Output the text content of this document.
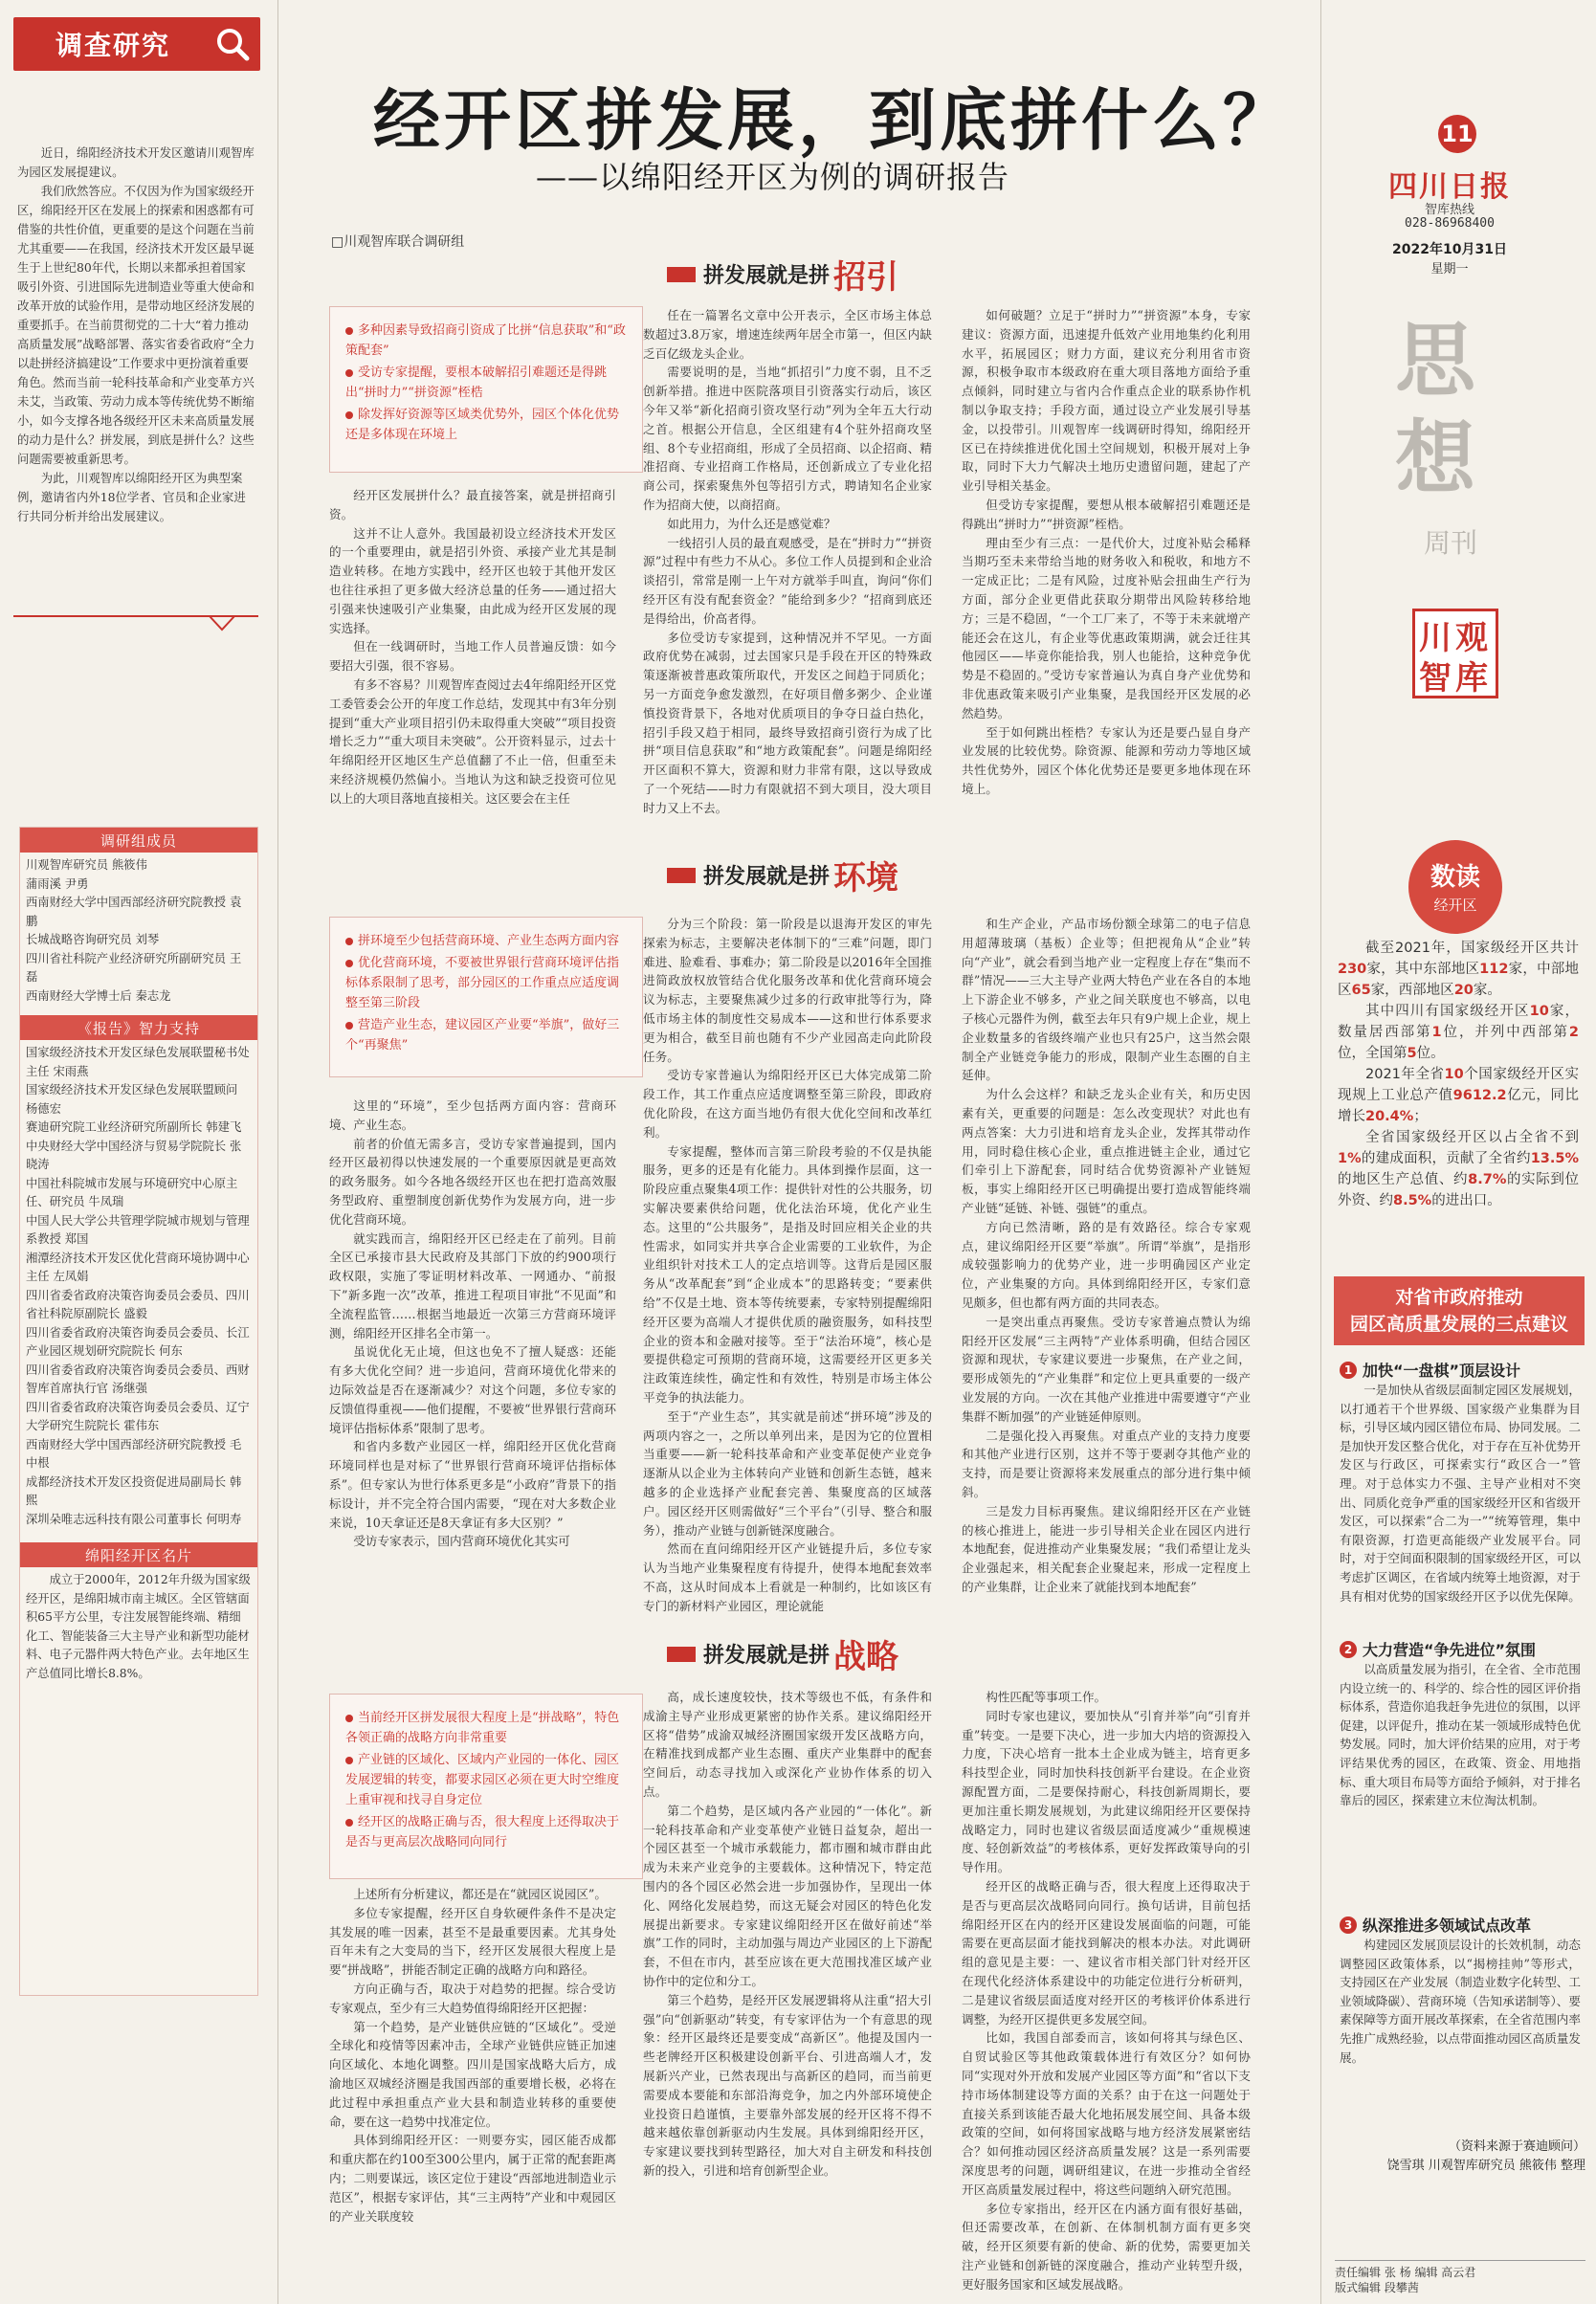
调查研究

近日，绵阳经济技术开发区邀请川观智库为园区发展提建议。

我们欣然答应。不仅因为作为国家级经开区，绵阳经开区在发展上的探索和困惑都有可借鉴的共性价值，更重要的是这个问题在当前尤其重要——在我国，经济技术开发区最早诞生于上世纪80年代，长期以来都承担着国家吸引外资、引进国际先进制造业等重大使命和改革开放的试验作用，是带动地区经济发展的重要抓手。在当前贯彻党的二十大“着力推动高质量发展”战略部署、落实省委省政府“全力以赴拼经济搞建设”工作要求中更扮演着重要角色。然而当前一轮科技革命和产业变革方兴未艾，当政策、劳动力成本等传统优势不断缩小，如今支撑各地各级经开区未来高质量发展的动力是什么？拼发展，到底是拼什么？这些问题需要被重新思考。

为此，川观智库以绵阳经开区为典型案例，邀请省内外18位学者、官员和企业家进行共同分析并给出发展建议。

调研组成员
川观智库研究员 熊筱伟
蒲雨溪 尹勇
西南财经大学中国西部经济研究院教授 袁鹏
长城战略咨询研究员 刘琴
四川省社科院产业经济研究所副研究员 王磊
西南财经大学博士后 秦志龙
《报告》智力支持
国家级经济技术开发区绿色发展联盟秘书处主任 宋雨燕
国家级经济技术开发区绿色发展联盟顾问 杨德宏
赛迪研究院工业经济研究所副所长 韩建飞
中央财经大学中国经济与贸易学院院长 张晓涛
中国社科院城市发展与环境研究中心原主任、研究员 牛凤瑞
中国人民大学公共管理学院城市规划与管理系教授 郑国
湘潭经济技术开发区优化营商环境协调中心主任 左凤娟
四川省委省政府决策咨询委员会委员、四川省社科院原副院长 盛毅
四川省委省政府决策咨询委员会委员、长江产业园区规划研究院院长 何东
四川省委省政府决策咨询委员会委员、西财智库首席执行官 汤继强
四川省委省政府决策咨询委员会委员、辽宁大学研究生院院长 霍伟东
西南财经大学中国西部经济研究院教授 毛中根
成都经济技术开发区投资促进局副局长 韩熙
深圳朵唯志远科技有限公司董事长 何明寿
绵阳经开区名片
成立于2000年，2012年升级为国家级经开区，是绵阳城市南主城区。全区管辖面积65平方公里，专注发展智能终端、精细化工、智能装备三大主导产业和新型功能材料、电子元器件两大特色产业。去年地区生产总值同比增长8.8%。
经开区拼发展，到底拼什么？
——以绵阳经开区为例的调研报告
□川观智库联合调研组
拼发展就是拼 招引
多种因素导致招商引资成了比拼“信息获取”和“政策配套”
受访专家提醒，要根本破解招引难题还是得跳出“拼时力”“拼资源”桎梏
除发挥好资源等区域类优势外，园区个体化优势还是多体现在环境上

经开区发展拼什么？最直接答案，就是拼招商引资。

这并不让人意外。我国最初设立经济技术开发区的一个重要理由，就是招引外资、承接产业尤其是制造业转移。在地方实践中，经开区也较于其他开发区也往往承担了更多做大经济总量的任务——通过招大引强来快速吸引产业集聚，由此成为经开区发展的现实选择。

但在一线调研时，当地工作人员普遍反馈：如今要招大引强，很不容易。

有多不容易？川观智库查阅过去4年绵阳经开区党工委管委会公开的年度工作总结，发现其中有3年分别提到“重大产业项目招引仍未取得重大突破”“项目投资增长乏力”“重大项目未突破”。公开资料显示，过去十年绵阳经开区地区生产总值翻了不止一倍，但重至未来经济规模仍然偏小。当地认为这和缺乏投资可位见以上的大项目落地直接相关。这区要会在主任

任在一篇署名文章中公开表示，全区市场主体总数超过3.8万家，增速连续两年居全市第一，但区内缺乏百亿级龙头企业。

需要说明的是，当地“抓招引”力度不弱，且不乏创新举措。推进中医院落项目引资落实行动后，该区今年又举“新化招商引资攻坚行动”列为全年五大行动之首。根据公开信息，全区组建有4个驻外招商攻坚组、8个专业招商组，形成了全员招商、以企招商、精准招商、专业招商工作格局，还创新成立了专业化招商公司，探索聚焦外包等招引方式，聘请知名企业家作为招商大使，以商招商。

如此用力，为什么还是感觉难？

一线招引人员的最直观感受，是在“拼时力”“拼资源”过程中有些力不从心。多位工作人员提到和企业洽谈招引，常常是刚一上午对方就举手叫直，询问“你们经开区有没有配套资金？”能给到多少？“招商到底还是得给出，价高者得。

多位受访专家提到，这种情况并不罕见。一方面政府优势在减弱，过去国家只是手段在开区的特殊政策逐渐被普惠政策所取代，开发区之间趋于同质化；另一方面竞争愈发激烈，在好项目僧多粥少、企业谨慎投资背景下，各地对优质项目的争夺日益白热化，招引手段又趋于相同，最终导致招商引资行为成了比拼“项目信息获取”和“地方政策配套”。问题是绵阳经开区面积不算大，资源和财力非常有限，这以导致成了一个死结——时力有限就招不到大项目，没大项目时力又上不去。

如何破题？立足于“拼时力”“拼资源”本身，专家建议：资源方面，迅速提升低效产业用地集约化利用水平，拓展园区；财力方面，建议充分利用省市资源，积极争取市本级政府在重大项目落地方面给予重点倾斜，同时建立与省内合作重点企业的联系协作机制以争取支持；手段方面，通过设立产业发展引导基金，以投带引。川观智库一线调研时得知，绵阳经开区已在持续推进优化国土空间规划，积极开展对上争取，同时下大力气解决土地历史遗留问题，建起了产业引导相关基金。

但受访专家提醒，要想从根本破解招引难题还是得跳出“拼时力”“拼资源”桎梏。

理由至少有三点：一是代价大，过度补贴会稀释当期巧至未来带给当地的财务收入和税收，和地方不一定成正比；二是有风险，过度补贴会扭曲生产行为方面，部分企业更借此获取分期带出风险转移给地方；三是不稳固，“一个工厂来了，不等于未来就增产能还会在这儿，有企业等优惠政策期满，就会迁往其他园区——毕竟你能拾我，别人也能拾，这种竞争优势是不稳固的。”受访专家普遍认为真自身产业优势和非优惠政策来吸引产业集聚，是我国经开区发展的必然趋势。

至于如何跳出桎梏？专家认为还是要凸显自身产业发展的比较优势。除资源、能源和劳动力等地区域共性优势外，园区个体化优势还是要更多地体现在环境上。

拼发展就是拼 环境
拼环境至少包括营商环境、产业生态两方面内容
优化营商环境，不要被世界银行营商环境评估指标体系限制了思考，部分园区的工作重点应适度调整至第三阶段
营造产业生态，建议园区产业要“举旗”，做好三个“再聚焦”

这里的“环境”，至少包括两方面内容：营商环境、产业生态。

前者的价值无需多言，受访专家普遍提到，国内经开区最初得以快速发展的一个重要原因就是更高效的政务服务。如今各地各级经开区也在把打造高效服务型政府、重塑制度创新优势作为发展方向，进一步优化营商环境。

就实践而言，绵阳经开区已经走在了前列。目前全区已承接市县大民政府及其部门下放的约900项行政权限，实施了零证明材料改革、一网通办、“前报下”新多跑一次”改革，推进工程项目审批“不见面”和全流程监管……根据当地最近一次第三方营商环境评测，绵阳经开区排名全市第一。

虽说优化无止境，但这也免不了擅人疑惑：还能有多大优化空间？进一步追问，营商环境优化带来的边际效益是否在逐渐减少？对这个问题，多位专家的反馈值得重视——他们提醒，不要被“世界银行营商环境评估指标体系”限制了思考。

和省内多数产业园区一样，绵阳经开区优化营商环境同样也是对标了“世界银行营商环境评估指标体系”。但专家认为世行体系更多是“小政府”背景下的指标设计，并不完全符合国内需要，“现在对大多数企业来说，10天拿证还是8天拿证有多大区别？”

受访专家表示，国内营商环境优化其实可

分为三个阶段：第一阶段是以退海开发区的审先探索为标志，主要解决老体制下的“三难”问题，即门难进、脸难看、事难办；第二阶段是以2016年全国推进简政放权放管结合优化服务改革和优化营商环境会议为标志，主要聚焦减少过多的行政审批等行为，降低市场主体的制度性交易成本——这和世行体系要求更为相合，截至目前也随有不少产业园高走向此阶段任务。

受访专家普遍认为绵阳经开区已大体完成第二阶段工作，其工作重点应适度调整至第三阶段，即政府优化阶段，在这方面当地仍有很大优化空间和改革红利。

专家提醒，整体而言第三阶段考验的不仅是执能服务，更多的还是有化能力。具体到操作层面，这一阶段应重点聚集4项工作：提供针对性的公共服务，切实解决要素供给问题，优化法治环境，优化产业生态。这里的“公共服务”，是指及时回应相关企业的共性需求，如同实并共享合企业需要的工业软件，为企业组织针对技术工人的定点培训等。这背后是园区服务从“改革配套”到“企业成本”的思路转变；“要素供给”不仅是土地、资本等传统要素，专家特别提醒绵阳经开区要为高端人才提供优质的融资服务，如科技型企业的资本和金融对接等。至于“法治环境”，核心是要提供稳定可预期的营商环境，这需要经开区更多关注政策连续性，确定性和有效性，特别是市场主体公平竞争的执法能力。

至于“产业生态”，其实就是前述“拼环境”涉及的两项内容之一，之所以单列出来，是因为它的位置相当重要——新一轮科技革命和产业变革促使产业竞争逐渐从以企业为主体转向产业链和创新生态链，越来越多的企业选择产业配套完善、集聚度高的区域落户。园区经开区则需做好“三个平台”（引导、整合和服务），推动产业链与创新链深度融合。

然而在直问绵阳经开区产业链提升后，多位专家认为当地产业集聚程度有待提升，使得本地配套效率不高，这从时间成本上看就是一种制约，比如该区有专门的新材料产业园区，理论就能

和生产企业，产品市场份额全球第二的电子信息用超薄玻璃（基板）企业等；但把视角从“企业”转向“产业”，就会看到当地产业一定程度上存在“集而不群”情况——三大主导产业两大特色产业在各自的本地上下游企业不够多，产业之间关联度也不够高，以电子核心元器件为例，截至去年只有9户规上企业，规上企业数量多的省级终端产业也只有25户，这当然会限制全产业链竞争能力的形成，限制产业生态圈的自主延伸。

为什么会这样？和缺乏龙头企业有关，和历史因素有关，更重要的问题是：怎么改变现状？对此也有两点答案：大力引进和培育龙头企业，发挥其带动作用，同时稳住核心企业，重点推进链主企业，通过它们牵引上下游配套，同时结合优势资源补产业链短板，事实上绵阳经开区已明确提出要打造成智能终端产业链“延链、补链、强链”的重点。

方向已然清晰，路的是有效路径。综合专家观点，建议绵阳经开区要“举旗”。所谓“举旗”，是指形成较强影响力的优势产业，进一步明确园区产业定位，产业集聚的方向。具体到绵阳经开区，专家们意见颇多，但也都有两方面的共同表态。

一是突出重点再聚焦。受访专家普遍点赞认为绵阳经开区发展“三主两特”产业体系明确，但结合园区资源和现状，专家建议要进一步聚焦，在产业之间，要形成领先的“产业集群”和定位上更具重要的一级产业发展的方向。一次在其他产业推进中需要遵守“产业集群不断加强”的产业链延伸原则。

二是强化投入再聚焦。对重点产业的支持力度要和其他产业进行区别，这并不等于要剥夺其他产业的支持，而是要让资源将来发展重点的部分进行集中倾斜。

三是发力目标再聚焦。建议绵阳经开区在产业链的核心推进上，能进一步引导相关企业在园区内进行本地配套，促进推动产业集聚发展；“我们希望让龙头企业强起来，相关配套企业聚起来，形成一定程度上的产业集群，让企业来了就能找到本地配套”

拼发展就是拼 战略
当前经开区拼发展很大程度上是“拼战略”，特色各领正确的战略方向非常重要
产业链的区域化、区域内产业园的一体化、园区发展逻辑的转变，都要求园区必须在更大时空维度上重审视和找寻自身定位
经开区的战略正确与否，很大程度上还得取决于是否与更高层次战略同向同行

上述所有分析建议，都还是在“就园区说园区”。

多位专家提醒，经开区自身软硬件条件不是决定其发展的唯一因素，甚至不是最重要因素。尤其身处百年未有之大变局的当下，经开区发展很大程度上是要“拼战略”，拼能否制定正确的战略方向和路径。

方向正确与否，取决于对趋势的把握。综合受访专家观点，至少有三大趋势值得绵阳经开区把握：

第一个趋势，是产业链供应链的“区域化”。受逆全球化和疫情等因素冲击，全球产业链供应链正加速向区域化、本地化调整。四川是国家战略大后方，成渝地区双城经济圈是我国西部的重要增长极，必将在此过程中承担重点产业大县和制造业转移的重要使命，要在这一趋势中找准定位。

具体到绵阳经开区：一则要夯实，园区能否成都和重庆都在约100至300公里内，属于正常的配套距离内；二则要谋远，该区定位于建设“西部地进制造业示范区”，根据专家评估，其“三主两特”产业和中观园区的产业关联度较

高，成长速度较快，技术等级也不低，有条件和成渝主导产业形成更紧密的协作关系。建议绵阳经开区将“借势”成渝双城经济圈国家级开发区战略方向，在精准找到成都产业生态圈、重庆产业集群中的配套空间后，动态寻找加入或深化产业协作体系的切入点。

第二个趋势，是区域内各产业园的“一体化”。新一轮科技革命和产业变革使产业链日益复杂，超出一个园区甚至一个城市承载能力，都市圈和城市群由此成为未来产业竞争的主要载体。这种情况下，特定范围内的各个园区必然会进一步加强协作，呈现出一体化、网络化发展趋势，而这无疑会对园区的特色化发展提出新要求。专家建议绵阳经开区在做好前述“举旗”工作的同时，主动加强与周边产业园区的上下游配套，不但在市内，甚至应该在更大范围找准区域产业协作中的定位和分工。

第三个趋势，是经开区发展逻辑将从注重“招大引强”向“创新驱动”转变，有专家评估为一个有意思的现象：经开区最终还是要变成“高新区”。他提及国内一些老牌经开区积极建设创新平台、引进高端人才，发展新兴产业，已然表现出与高新区的趋同，而当前更需要成本要能和东部沿海竞争，加之内外部环境使企业投资日趋谨慎，主要靠外部发展的经开区将不得不越来越依靠创新驱动内生发展。具体到绵阳经开区，专家建议要找到转型路径，加大对自主研发和科技创新的投入，引进和培育创新型企业。

构性匹配等事项工作。

同时专家也建议，要加快从“引育并举”向“引育并重”转变。一是要下决心，进一步加大内培的资源投入力度，下决心培育一批本土企业成为链主，培育更多科技型企业，同时加快科技创新平台建设。在企业资源配置方面，二是要保持耐心，科技创新周期长，要更加注重长期发展规划，为此建议绵阳经开区要保持战略定力，同时也建议省级层面适度减少“重规模速度、轻创新效益”的考核体系，更好发挥政策导向的引导作用。

经开区的战略正确与否，很大程度上还得取决于是否与更高层次战略同向同行。换句话讲，目前包括绵阳经开区在内的经开区建设发展面临的问题，可能需要在更高层面才能找到解决的根本办法。对此调研组的意见是主要：一、建议省市相关部门针对经开区在现代化经济体系建设中的功能定位进行分析研判，二是建议省级层面适度对经开区的考核评价体系进行调整，为经开区提供更多发展空间。

比如，我国自部委而言，该如何将其与绿色区、自贸试验区等其他政策载体进行有效区分？如何协同“实现对外开放和发展产业园区等方面”和“省以下支持市场体制建设等方面的关系？由于在这一问题处于直接关系到该能否最大化地拓展发展空间、具备本级政策的空间，如何将国家战略与地方经济发展紧密结合？如何推动园区经济高质量发展？这是一系列需要深度思考的问题，调研组建议，在进一步推动全省经开区高质量发展过程中，将这些问题纳入研究范围。

多位专家指出，经开区在内涵方面有很好基础，但还需要改革，在创新、在体制机制方面有更多突破，经开区须要有新的使命、新的优势，需要更加关注产业链和创新链的深度融合，推动产业转型升级，更好服务国家和区域发展战略。

11
四川日报
智库热线
028-86968400
2022年10月31日
星期一
思
想
周刊
川 观
智 库
数读
经开区

截至2021年，国家级经开区共计230家，其中东部地区112家，中部地区65家，西部地区20家。

其中四川有国家级经开区10家，数量居西部第1位，并列中西部第2位，全国第5位。

2021年全省10个国家级经开区实现规上工业总产值9612.2亿元，同比增长20.4%；

全省国家级经开区以占全省不到1%的建成面积，贡献了全省约13.5%的地区生产总值、约8.7%的实际到位外资、约8.5%的进出口。

对省市政府推动
园区高质量发展的三点建议
1 加快“一盘棋”顶层设计

一是加快从省级层面制定园区发展规划，以打通若干个世界级、国家级产业集群为目标，引导区域内园区错位布局、协同发展。二是加快开发区整合优化，对于存在互补优势开发区与行政区，可探索实行“政区合一”管理。对于总体实力不强、主导产业相对不突出、同质化竞争严重的国家级经开区和省级开发区，可以探索“合二为一”“统筹管理，集中有限资源，打造更高能级产业发展平台。同时，对于空间面积限制的国家级经开区，可以考虑扩区调区，在省域内统筹土地资源，对于具有相对优势的国家级经开区予以优先保障。

2 大力营造“争先进位”氛围

以高质量发展为指引，在全省、全市范围内设立统一的、科学的、综合性的园区评价指标体系，营造你追我赶争先进位的氛围，以评促建，以评促升，推动在某一领域形成特色优势发展。同时，加大评价结果的应用，对于考评结果优秀的园区，在政策、资金、用地指标、重大项目布局等方面给予倾斜，对于排名靠后的园区，探索建立末位淘汰机制。

3 纵深推进多领域试点改革

构建园区发展顶层设计的长效机制，动态调整园区政策体系，以“揭榜挂帅”等形式，支持园区在产业发展（制造业数字化转型、工业领域降碳）、营商环境（告知承诺制等）、要素保障等方面开展改革探索，在全省范围内率先推广成熟经验，以点带面推动园区高质量发展。

（资料来源于赛迪顾问）
饶雪琪 川观智库研究员 熊筱伟 整理
责任编辑 张 杨 编辑 高云君
版式编辑 段攀茜
